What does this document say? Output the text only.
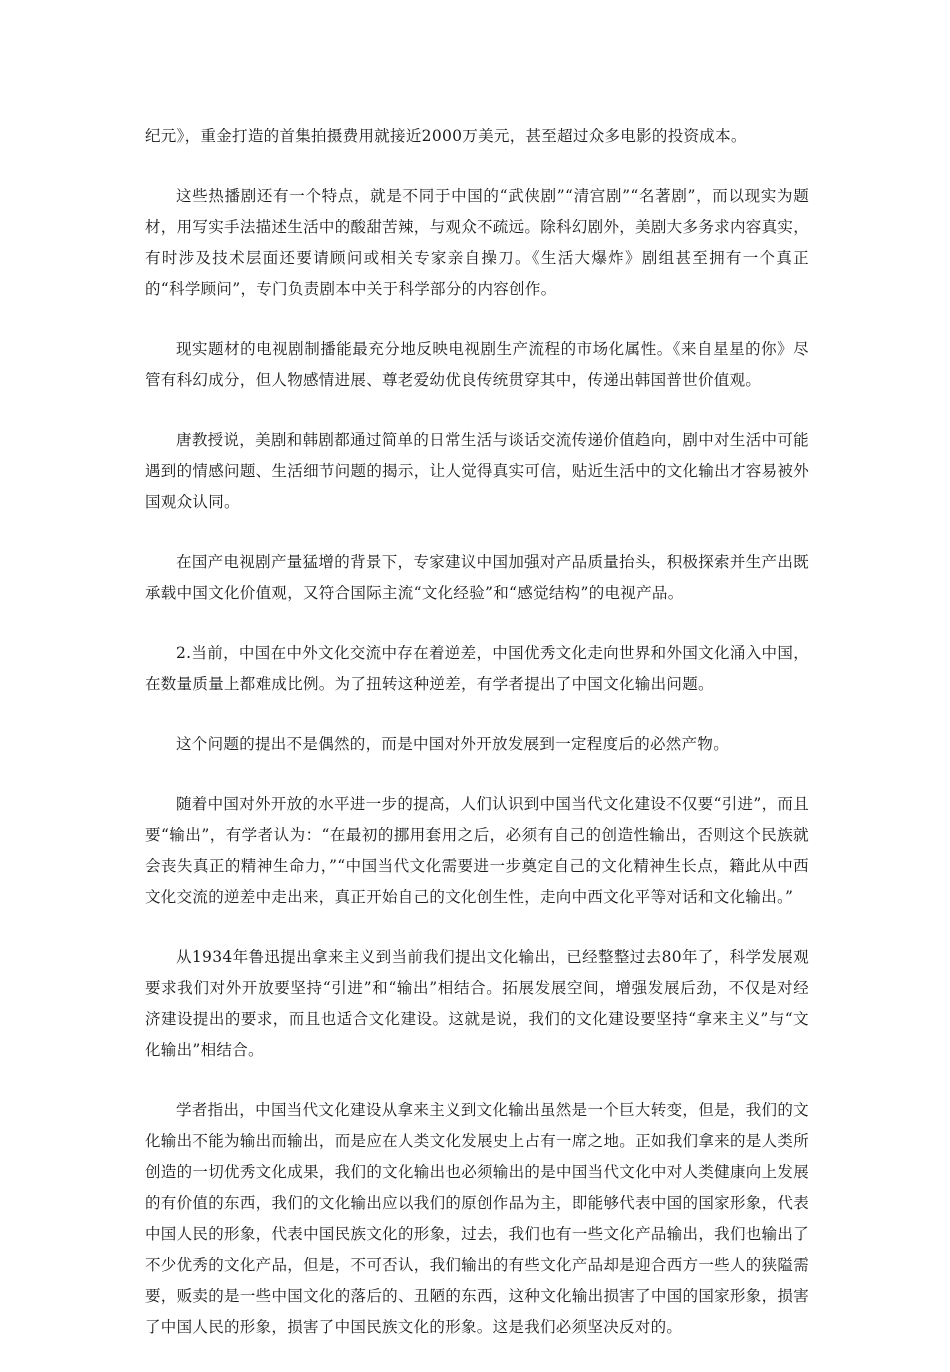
纪元》，重金打造的首集拍摄费用就接近2000万美元，甚至超过众多电影的投资成本。

这些热播剧还有一个特点，就是不同于中国的“武侠剧”“清宫剧”“名著剧”，而以现实为题材，用写实手法描述生活中的酸甜苦辣，与观众不疏远。除科幻剧外，美剧大多务求内容真实，有时涉及技术层面还要请顾问或相关专家亲自操刀。《生活大爆炸》剧组甚至拥有一个真正的“科学顾问”，专门负责剧本中关于科学部分的内容创作。

现实题材的电视剧制播能最充分地反映电视剧生产流程的市场化属性。《来自星星的你》尽管有科幻成分，但人物感情进展、尊老爱幼优良传统贯穿其中，传递出韩国普世价值观。

唐教授说，美剧和韩剧都通过简单的日常生活与谈话交流传递价值趋向，剧中对生活中可能遇到的情感问题、生活细节问题的揭示，让人觉得真实可信，贴近生活中的文化输出才容易被外国观众认同。

在国产电视剧产量猛增的背景下，专家建议中国加强对产品质量抬头，积极探索并生产出既承载中国文化价值观，又符合国际主流“文化经验”和“感觉结构”的电视产品。

2.当前，中国在中外文化交流中存在着逆差，中国优秀文化走向世界和外国文化涌入中国，在数量质量上都难成比例。为了扭转这种逆差，有学者提出了中国文化输出问题。

这个问题的提出不是偶然的，而是中国对外开放发展到一定程度后的必然产物。

随着中国对外开放的水平进一步的提高，人们认识到中国当代文化建设不仅要“引进”，而且要“输出”，有学者认为：“在最初的挪用套用之后，必须有自己的创造性输出，否则这个民族就会丧失真正的精神生命力，”“中国当代文化需要进一步奠定自己的文化精神生长点，籍此从中西文化交流的逆差中走出来，真正开始自己的文化创生性，走向中西文化平等对话和文化输出。”

从1934年鲁迅提出拿来主义到当前我们提出文化输出，已经整整过去80年了，科学发展观要求我们对外开放要坚持“引进”和“输出”相结合。拓展发展空间，增强发展后劲，不仅是对经济建设提出的要求，而且也适合文化建设。这就是说，我们的文化建设要坚持“拿来主义”与“文化输出”相结合。

学者指出，中国当代文化建设从拿来主义到文化输出虽然是一个巨大转变，但是，我们的文化输出不能为输出而输出，而是应在人类文化发展史上占有一席之地。正如我们拿来的是人类所创造的一切优秀文化成果，我们的文化输出也必须输出的是中国当代文化中对人类健康向上发展的有价值的东西，我们的文化输出应以我们的原创作品为主，即能够代表中国的国家形象，代表中国人民的形象，代表中国民族文化的形象，过去，我们也有一些文化产品输出，我们也输出了不少优秀的文化产品，但是，不可否认，我们输出的有些文化产品却是迎合西方一些人的狭隘需要，贩卖的是一些中国文化的落后的、丑陋的东西，这种文化输出损害了中国的国家形象，损害了中国人民的形象，损害了中国民族文化的形象。这是我们必须坚决反对的。
